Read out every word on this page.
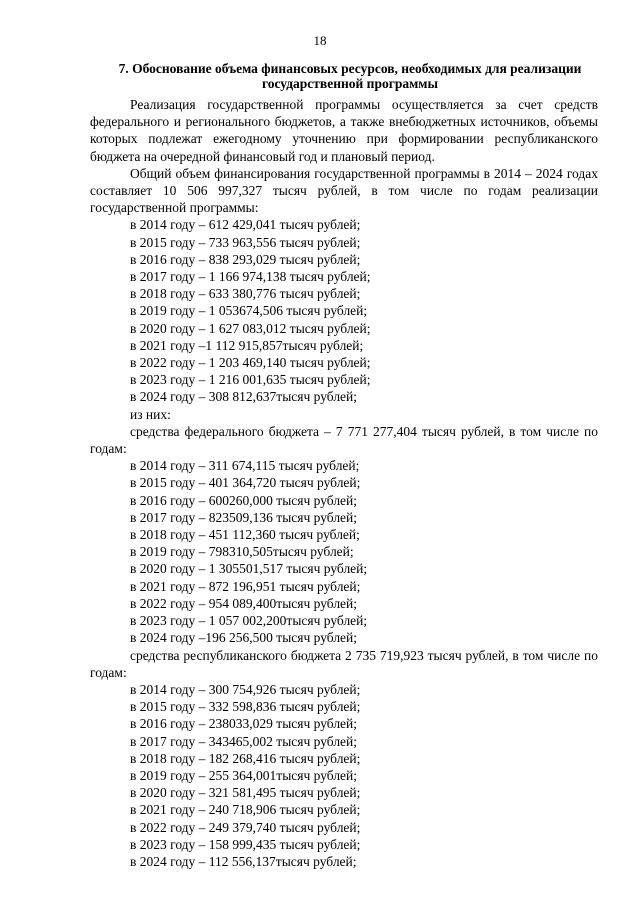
18
7. Обоснование объема финансовых ресурсов, необходимых для реализации государственной программы

Реализация государственной программы осуществляется за счет средств федерального и регионального бюджетов, а также внебюджетных источников, объемы которых подлежат ежегодному уточнению при формировании республиканского бюджета на очередной финансовый год и плановый период.

Общий объем финансирования государственной программы в 2014 – 2024 годах составляет 10 506 997,327 тысяч рублей, в том числе по годам реализации государственной программы:

в 2014 году – 612 429,041 тысяч рублей;
в 2015 году – 733 963,556 тысяч рублей;
в 2016 году – 838 293,029 тысяч рублей;
в 2017 году – 1 166 974,138 тысяч рублей;
в 2018 году – 633 380,776 тысяч рублей;
в 2019 году – 1 053674,506 тысяч рублей;
в 2020 году – 1 627 083,012 тысяч рублей;
в 2021 году –1 112 915,857тысяч рублей;
в 2022 году – 1 203 469,140 тысяч рублей;
в 2023 году – 1 216 001,635 тысяч рублей;
в 2024 году – 308 812,637тысяч рублей;

из них:

средства федерального бюджета – 7 771 277,404 тысяч рублей, в том числе по годам:

в 2014 году – 311 674,115 тысяч рублей;
в 2015 году – 401 364,720 тысяч рублей;
в 2016 году – 600260,000 тысяч рублей;
в 2017 году – 823509,136 тысяч рублей;
в 2018 году – 451 112,360 тысяч рублей;
в 2019 году – 798310,505тысяч рублей;
в 2020 году – 1 305501,517 тысяч рублей;
в 2021 году – 872 196,951 тысяч рублей;
в 2022 году – 954 089,400тысяч рублей;
в 2023 году – 1 057 002,200тысяч рублей;
в 2024 году –196 256,500 тысяч рублей;

средства республиканского бюджета 2 735 719,923 тысяч рублей, в том числе по годам:

в 2014 году – 300 754,926 тысяч рублей;
в 2015 году – 332 598,836 тысяч рублей;
в 2016 году – 238033,029 тысяч рублей;
в 2017 году – 343465,002 тысяч рублей;
в 2018 году – 182 268,416 тысяч рублей;
в 2019 году – 255 364,001тысяч рублей;
в 2020 году – 321 581,495 тысяч рублей;
в 2021 году – 240 718,906 тысяч рублей;
в 2022 году – 249 379,740 тысяч рублей;
в 2023 году – 158 999,435 тысяч рублей;
в 2024 году – 112 556,137тысяч рублей;
